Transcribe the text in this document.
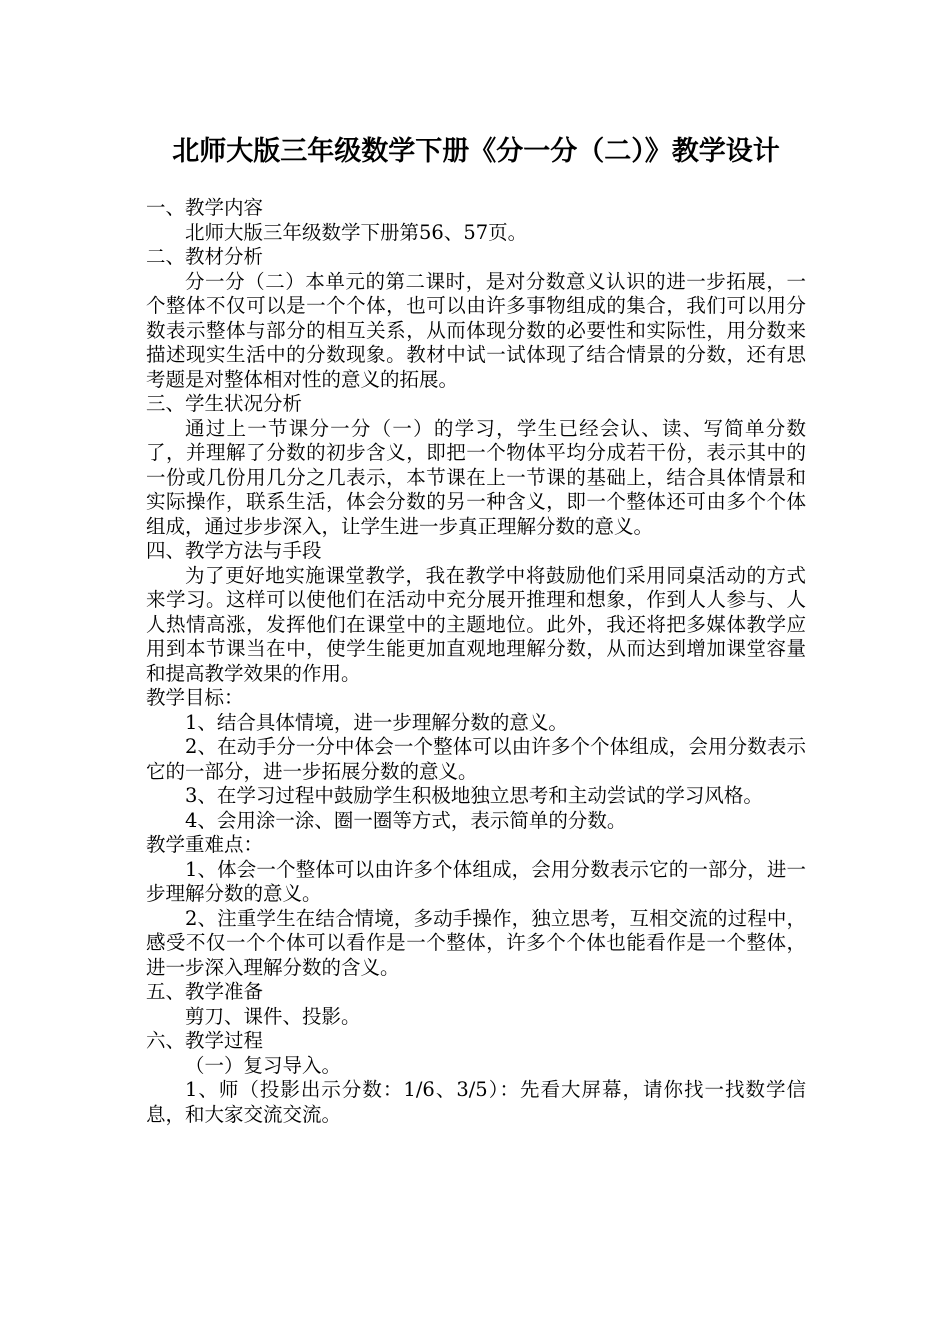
北师大版三年级数学下册《分一分（二）》教学设计

一、教学内容

北师大版三年级数学下册第56、57页。

二、教材分析

分一分（二）本单元的第二课时，是对分数意义认识的进一步拓展，一个整体不仅可以是一个个体，也可以由许多事物组成的集合，我们可以用分数表示整体与部分的相互关系，从而体现分数的必要性和实际性，用分数来描述现实生活中的分数现象。教材中试一试体现了结合情景的分数，还有思考题是对整体相对性的意义的拓展。

三、学生状况分析

通过上一节课分一分（一）的学习，学生已经会认、读、写简单分数了，并理解了分数的初步含义，即把一个物体平均分成若干份，表示其中的一份或几份用几分之几表示，本节课在上一节课的基础上，结合具体情景和实际操作，联系生活，体会分数的另一种含义，即一个整体还可由多个个体组成，通过步步深入，让学生进一步真正理解分数的意义。

四、教学方法与手段

为了更好地实施课堂教学，我在教学中将鼓励他们采用同桌活动的方式来学习。这样可以使他们在活动中充分展开推理和想象，作到人人参与、人人热情高涨，发挥他们在课堂中的主题地位。此外，我还将把多媒体教学应用到本节课当在中，使学生能更加直观地理解分数，从而达到增加课堂容量和提高教学效果的作用。

教学目标：

1、结合具体情境，进一步理解分数的意义。

2、在动手分一分中体会一个整体可以由许多个个体组成，会用分数表示它的一部分，进一步拓展分数的意义。

3、在学习过程中鼓励学生积极地独立思考和主动尝试的学习风格。

4、会用涂一涂、圈一圈等方式，表示简单的分数。

教学重难点：

1、体会一个整体可以由许多个体组成，会用分数表示它的一部分，进一步理解分数的意义。

2、注重学生在结合情境，多动手操作，独立思考，互相交流的过程中，感受不仅一个个体可以看作是一个整体，许多个个体也能看作是一个整体，进一步深入理解分数的含义。

五、教学准备

剪刀、课件、投影。

六、教学过程

（一）复习导入。

1、师（投影出示分数：1/6、3/5）：先看大屏幕，请你找一找数学信息，和大家交流交流。
